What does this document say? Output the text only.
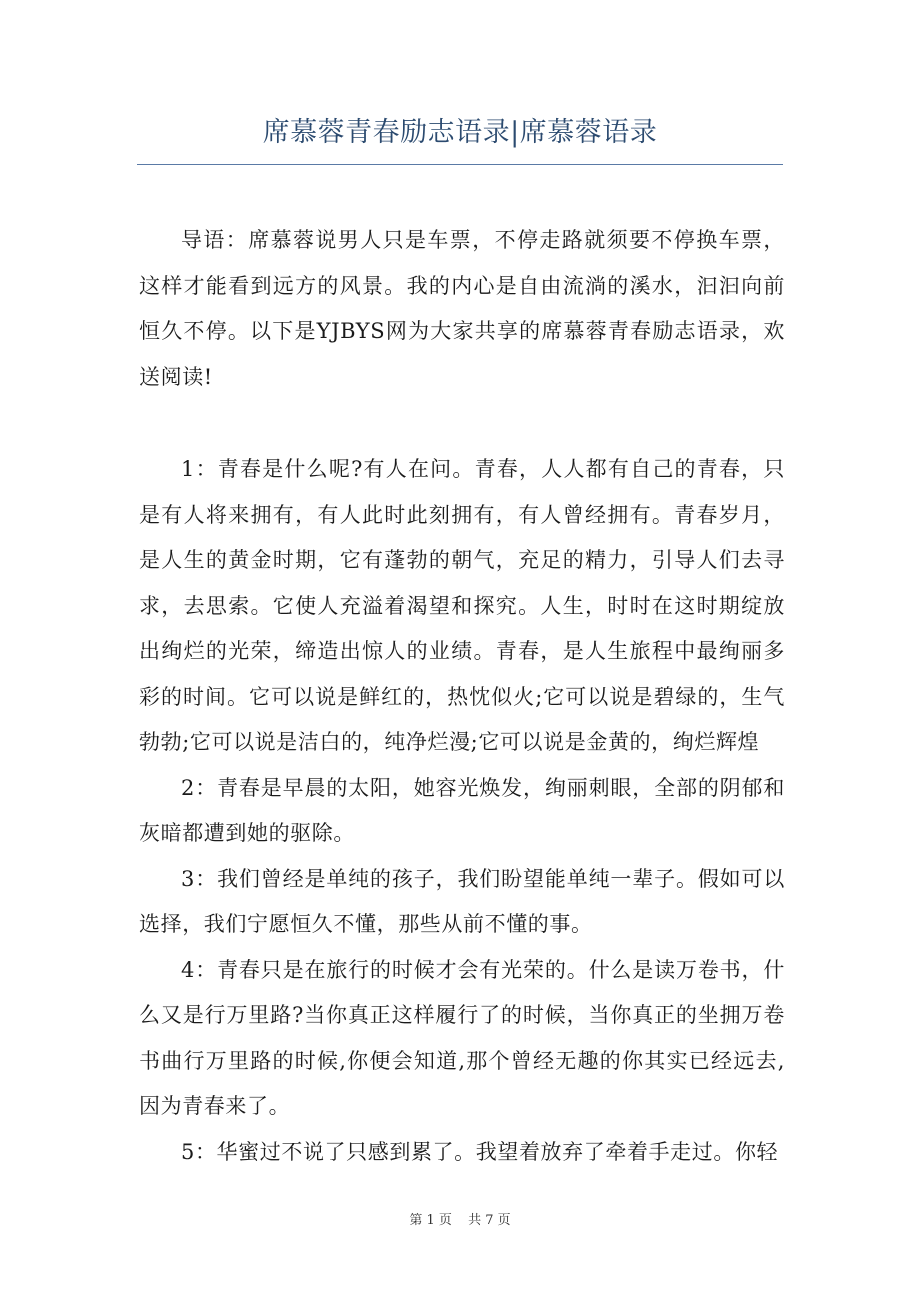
席慕蓉青春励志语录|席慕蓉语录

导语：席慕蓉说男人只是车票，不停走路就须要不停换车票，这样才能看到远方的风景。我的内心是自由流淌的溪水，汩汩向前恒久不停。以下是YJBYS网为大家共享的席慕蓉青春励志语录，欢送阅读!

1：青春是什么呢?有人在问。青春，人人都有自己的青春，只是有人将来拥有，有人此时此刻拥有，有人曾经拥有。青春岁月，是人生的黄金时期，它有蓬勃的朝气，充足的精力，引导人们去寻求，去思索。它使人充溢着渴望和探究。人生，时时在这时期绽放出绚烂的光荣，缔造出惊人的业绩。青春，是人生旅程中最绚丽多彩的时间。它可以说是鲜红的，热忱似火;它可以说是碧绿的，生气勃勃;它可以说是洁白的，纯净烂漫;它可以说是金黄的，绚烂辉煌

2：青春是早晨的太阳，她容光焕发，绚丽刺眼，全部的阴郁和灰暗都遭到她的驱除。

3：我们曾经是单纯的孩子，我们盼望能单纯一辈子。假如可以选择，我们宁愿恒久不懂，那些从前不懂的事。

4：青春只是在旅行的时候才会有光荣的。什么是读万卷书，什么又是行万里路?当你真正这样履行了的时候，当你真正的坐拥万卷书曲行万里路的时候,你便会知道,那个曾经无趣的你其实已经远去,因为青春来了。

5：华蜜过不说了只感到累了。我望着放弃了牵着手走过。你轻

第 1 页 共 7 页
